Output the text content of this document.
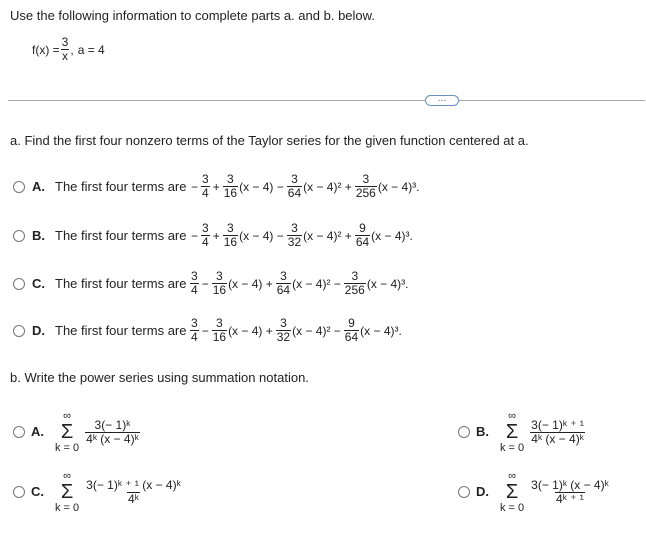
Use the following information to complete parts a. and b. below.
$f(x) = \frac{3}{x}$ , a = 4
···
a. Find the first four nonzero terms of the Taylor series for the given function centered at a.
A. The first four terms are − $\frac{3}{4} + \frac{3}{16} (x - 4) - \frac{3}{64} (x - 4)^2 + \frac{3}{256} (x - 4)^3$.
B. The first four terms are − $\frac{3}{4} + \frac{3}{16} (x - 4) - \frac{3}{32} (x - 4)^2 + \frac{9}{64} (x - 4)^3$.
C. The first four terms are $\frac{3}{4} - \frac{3}{16} (x - 4) + \frac{3}{64} (x - 4)^2 - \frac{3}{256} (x - 4)^3$.
D. The first four terms are $\frac{3}{4} - \frac{3}{16} (x - 4) + \frac{3}{32} (x - 4)^2 - \frac{9}{64} (x - 4)^3$.
b. Write the power series using summation notation.
A.
∞
Σ
k = 0
$\frac{\text{3(− 1)ᵏ}}{\text{4ᵏ (x − 4)ᵏ}}$	B.
∞
Σ
k = 0
$\frac{\text{3(− 1)ᵏ ⁺ ¹}}{\text{4ᵏ (x − 4)ᵏ}}$
C.
∞
Σ
k = 0
$\frac{\text{3(− 1)ᵏ ⁺ ¹ (x − 4)ᵏ}}{\text{4ᵏ}}$	D.
∞
Σ
k = 0
$\frac{\text{3(− 1)ᵏ (x − 4)ᵏ}}{\text{4ᵏ ⁺ ¹}}$
